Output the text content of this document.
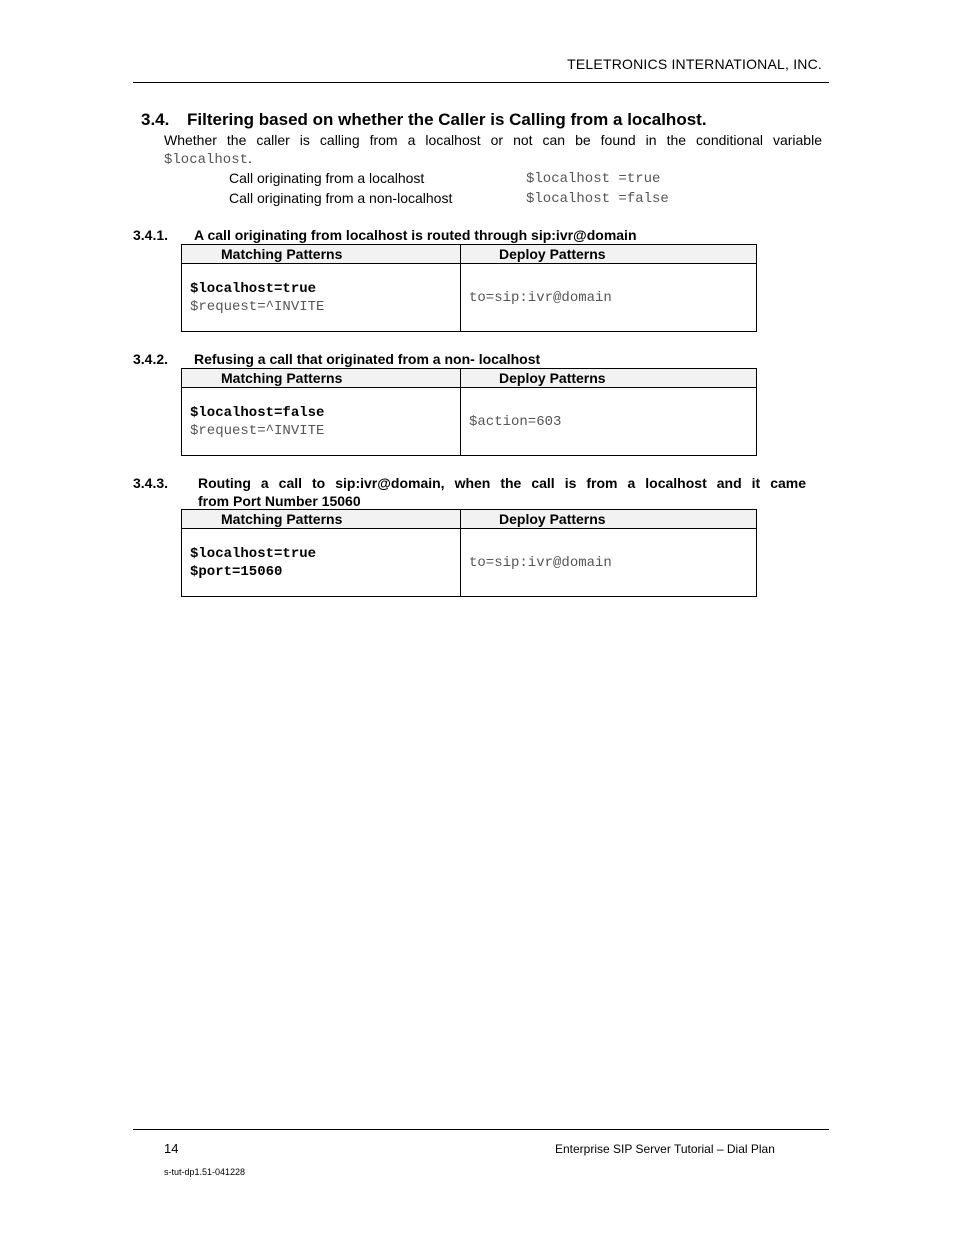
TELETRONICS INTERNATIONAL, INC.
3.4. Filtering based on whether the Caller is Calling from a localhost.
Whether the caller is calling from a localhost or not can be found in the conditional variable
$localhost.
Call originating from a localhost	$localhost =true
Call originating from a non-localhost	$localhost =false
3.4.1. A call originating from localhost is routed through sip:ivr@domain
Matching Patterns	Deploy Patterns

$localhost=true
$request=^INVITE	to=sip:ivr@domain
3.4.2. Refusing a call that originated from a non- localhost
Matching Patterns	Deploy Patterns

$localhost=false
$request=^INVITE	$action=603
3.4.3. Routing a call to sip:ivr@domain, when the call is from a localhost and it came
from Port Number 15060
Matching Patterns	Deploy Patterns

$localhost=true
$port=15060	to=sip:ivr@domain
14	Enterprise SIP Server Tutorial – Dial Plan
s-tut-dp1.51-041228
